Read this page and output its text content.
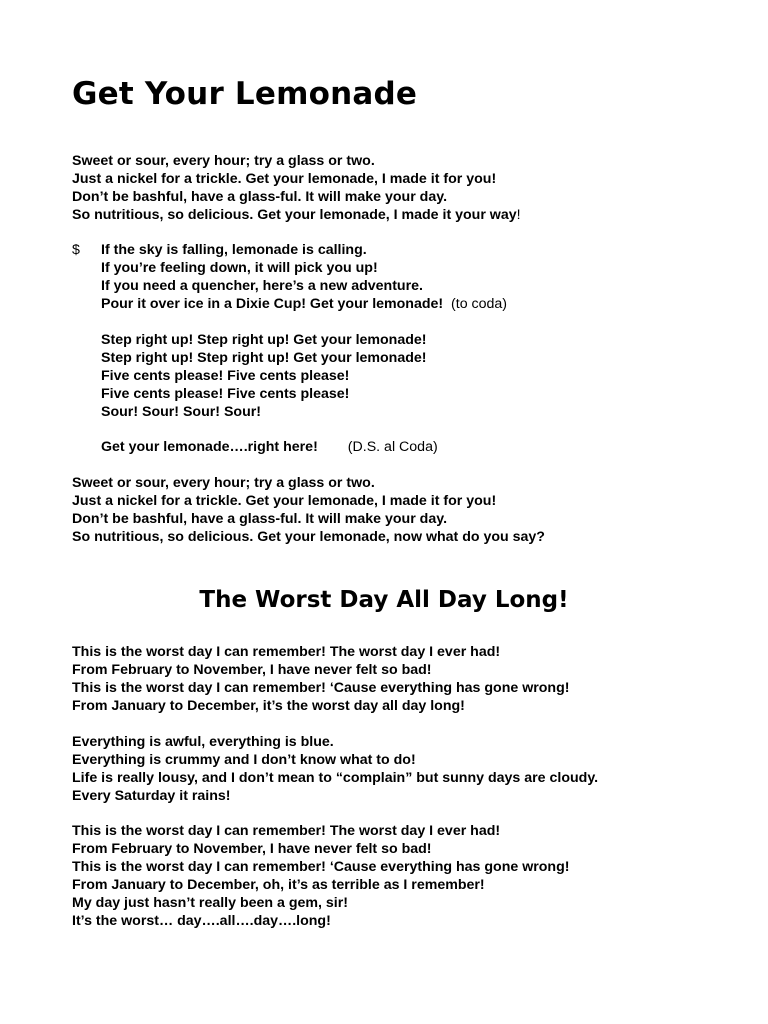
Get Your Lemonade
Sweet or sour, every hour; try a glass or two.
Just a nickel for a trickle. Get your lemonade, I made it for you!
Don’t be bashful, have a glass-ful. It will make your day.
So nutritious, so delicious. Get your lemonade, I made it your way!
$ If the sky is falling, lemonade is calling.
If you’re feeling down, it will pick you up!
If you need a quencher, here’s a new adventure.
Pour it over ice in a Dixie Cup! Get your lemonade! (to coda)
Step right up! Step right up! Get your lemonade!
Step right up! Step right up! Get your lemonade!
Five cents please! Five cents please!
Five cents please! Five cents please!
Sour! Sour! Sour! Sour!
Get your lemonade….right here! (D.S. al Coda)
Sweet or sour, every hour; try a glass or two.
Just a nickel for a trickle. Get your lemonade, I made it for you!
Don’t be bashful, have a glass-ful. It will make your day.
So nutritious, so delicious. Get your lemonade, now what do you say?
The Worst Day All Day Long!
This is the worst day I can remember! The worst day I ever had!
From February to November, I have never felt so bad!
This is the worst day I can remember! ‘Cause everything has gone wrong!
From January to December, it’s the worst day all day long!
Everything is awful, everything is blue.
Everything is crummy and I don’t know what to do!
Life is really lousy, and I don’t mean to “complain” but sunny days are cloudy.
Every Saturday it rains!
This is the worst day I can remember! The worst day I ever had!
From February to November, I have never felt so bad!
This is the worst day I can remember! ‘Cause everything has gone wrong!
From January to December, oh, it’s as terrible as I remember!
My day just hasn’t really been a gem, sir!
It’s the worst… day….all….day….long!
